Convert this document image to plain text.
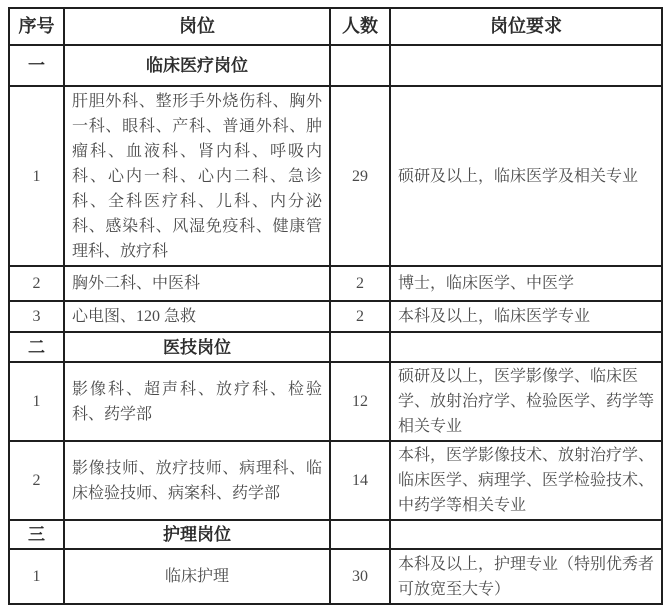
序号	岗位	人数	岗位要求
一	临床医疗岗位		
1	肝胆外科、整形手外烧伤科、胸外一科、眼科、产科、普通外科、肿瘤科、血液科、肾内科、呼吸内科、心内一科、心内二科、急诊科、全科医疗科、儿科、内分泌科、感染科、风湿免疫科、健康管理科、放疗科	29	硕研及以上，临床医学及相关专业
2	胸外二科、中医科	2	博士，临床医学、中医学
3	心电图、120 急救	2	本科及以上，临床医学专业
二	医技岗位		
1	影像科、超声科、放疗科、检验科、药学部	12	硕研及以上，医学影像学、临床医学、放射治疗学、检验医学、药学等相关专业
2	影像技师、放疗技师、病理科、临床检验技师、病案科、药学部	14	本科，医学影像技术、放射治疗学、临床医学、病理学、医学检验技术、中药学等相关专业
三	护理岗位		
1	临床护理	30	本科及以上，护理专业（特别优秀者可放宽至大专）
